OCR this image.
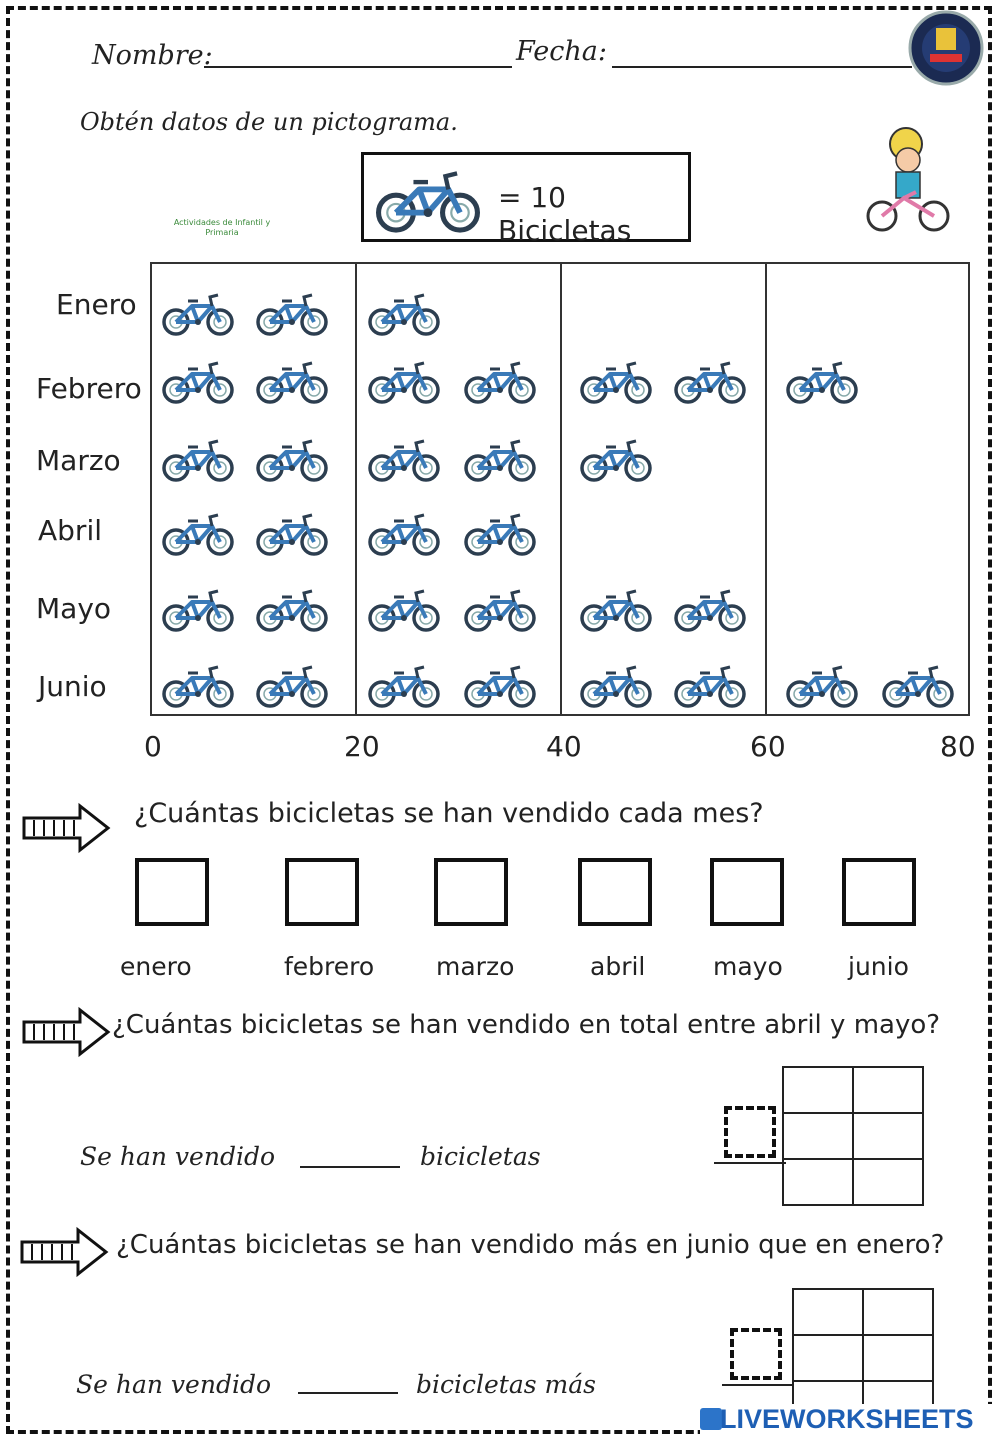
Nombre:	Fecha:
Obtén datos de un pictograma.
= 10 Bicicletas
Actividades de Infantil y Primaria
Enero
Febrero
Marzo
Abril
Mayo
Junio
0	20	40	60	80
¿Cuántas bicicletas se han vendido cada mes?
enero	febrero marzo	abril	mayo	junio
¿Cuántas bicicletas se han vendido en total entre abril y mayo?
Se han vendido	bicicletas

¿Cuántas bicicletas se han vendido más en junio que en enero?
Se han vendido	bicicletas más

LIVEWORKSHEETS
